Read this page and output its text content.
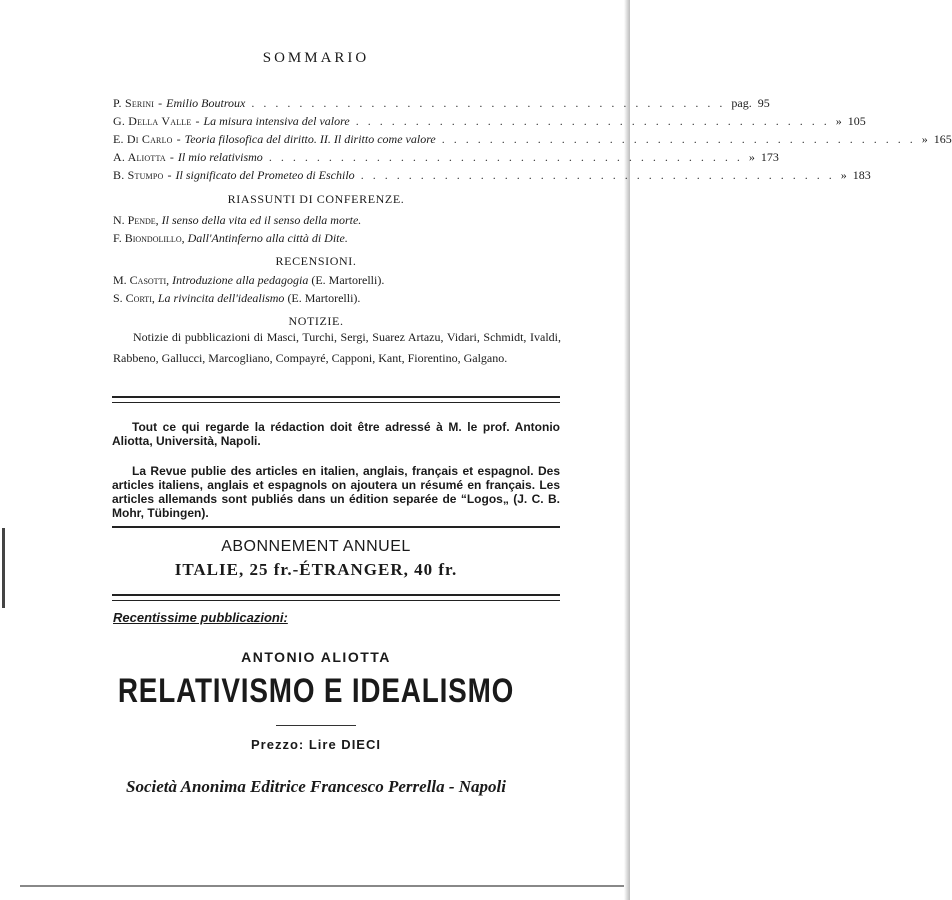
SOMMARIO
P. Serini - Emilio Boutroux ........................................ pag. 95
G. Della Valle - La misura intensiva del valore ........................................ » 105
E. Di Carlo - Teoria filosofica del diritto. II. Il diritto come valore ........................................ » 165
A. Aliotta - Il mio relativismo ........................................ » 173
B. Stumpo - Il significato del Prometeo di Eschilo ........................................ » 183
RIASSUNTI DI CONFERENZE.
N. Pende, Il senso della vita ed il senso della morte.
F. Biondolillo, Dall'Antinferno alla città di Dite.
RECENSIONI.
M. Casotti, Introduzione alla pedagogia (E. Martorelli).
S. Corti, La rivincita dell'idealismo (E. Martorelli).
NOTIZIE.
Notizie di pubblicazioni di Masci, Turchi, Sergi, Suarez Artazu, Vidari, Schmidt, Ivaldi, Rabbeno, Gallucci, Marcogliano, Compayré, Capponi, Kant, Fiorentino, Galgano.
Tout ce qui regarde la rédaction doit être adressé à M. le prof. Antonio Aliotta, Università, Napoli.
La Revue publie des articles en italien, anglais, français et espagnol. Des articles italiens, anglais et espagnols on ajoutera un résumé en français. Les articles allemands sont publiés dans un édition separée de “Logos„ (J. C. B. Mohr, Tübingen).
ABONNEMENT ANNUEL
ITALIE, 25 fr.-ÉTRANGER, 40 fr.
Recentissime pubblicazioni:
ANTONIO ALIOTTA
RELATIVISMO E IDEALISMO
Prezzo: Lire DIECI
Società Anonima Editrice Francesco Perrella - Napoli
